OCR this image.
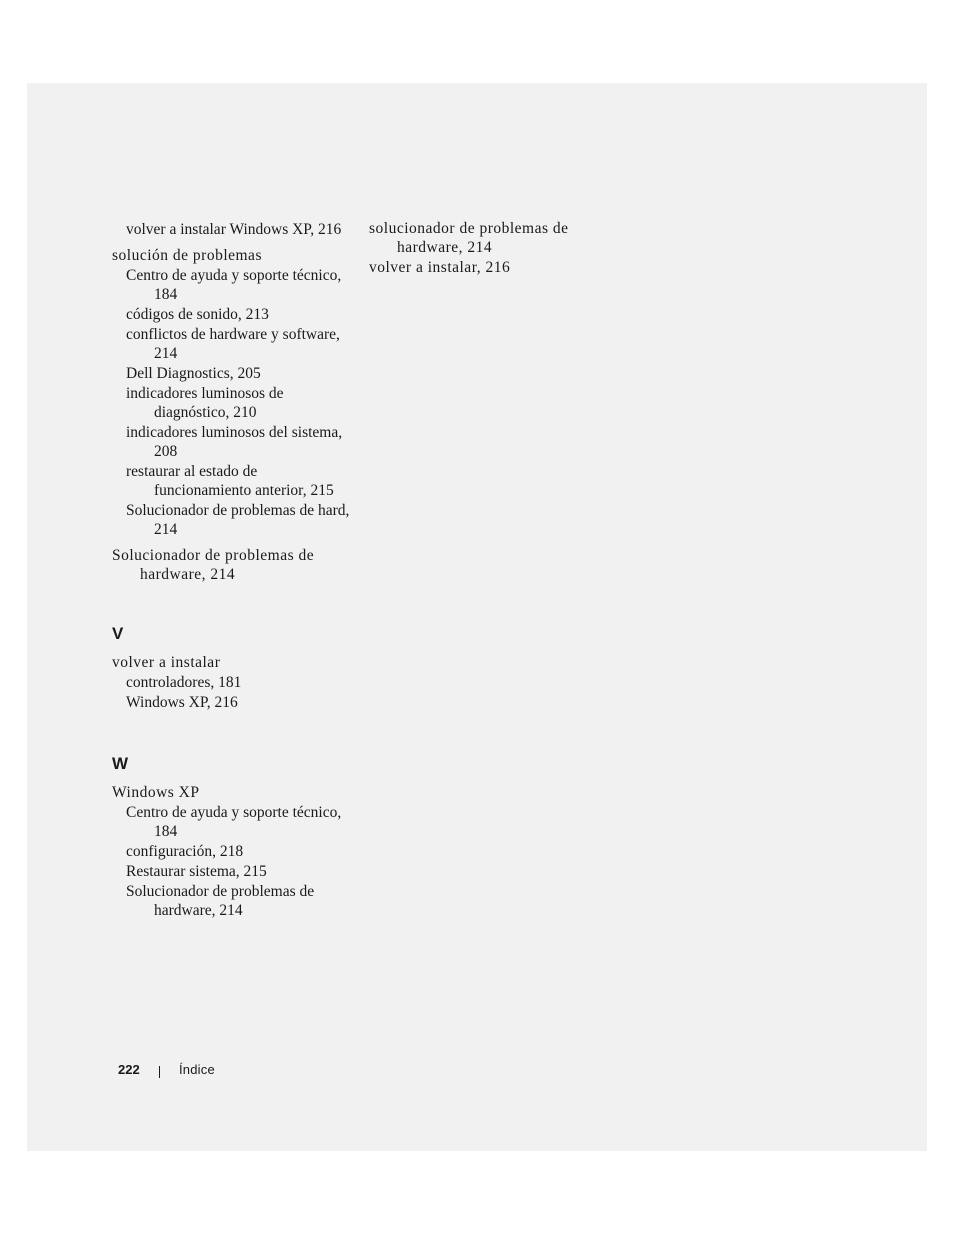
volver a instalar Windows XP, 216

solución de problemas

Centro de ayuda y soporte técnico, 184

códigos de sonido, 213

conflictos de hardware y software, 214

Dell Diagnostics, 205

indicadores luminosos de diagnóstico, 210

indicadores luminosos del sistema, 208

restaurar al estado de funcionamiento anterior, 215

Solucionador de problemas de hard, 214

Solucionador de problemas de hardware, 214

V

volver a instalar

controladores, 181

Windows XP, 216

W

Windows XP

Centro de ayuda y soporte técnico, 184

configuración, 218

Restaurar sistema, 215

Solucionador de problemas de hardware, 214

solucionador de problemas de hardware, 214

volver a instalar, 216

222	Índice
